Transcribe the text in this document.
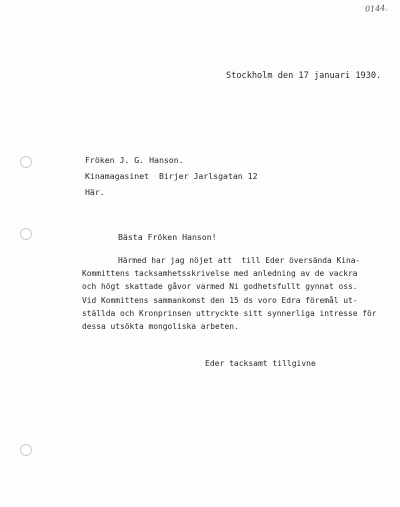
0144.
Stockholm den 17 januari 1930.
Fröken J. G. Hanson.
Kinamagasinet  Birjer Jarlsgatan 12
Här.
Bästa Fröken Hanson!
Härmed har jag nöjet att  till Eder översända Kina-
Kommittens tacksamhetsskrivelse med anledning av de vackra
och högt skattade gåvor varmed Ni godhetsfullt gynnat oss.
Vid Kommittens sammankomst den 15 ds voro Edra föremål ut-
ställda och Kronprinsen uttryckte sitt synnerliga intresse för
dessa utsökta mongoliska arbeten.
Eder tacksamt tillgivne
